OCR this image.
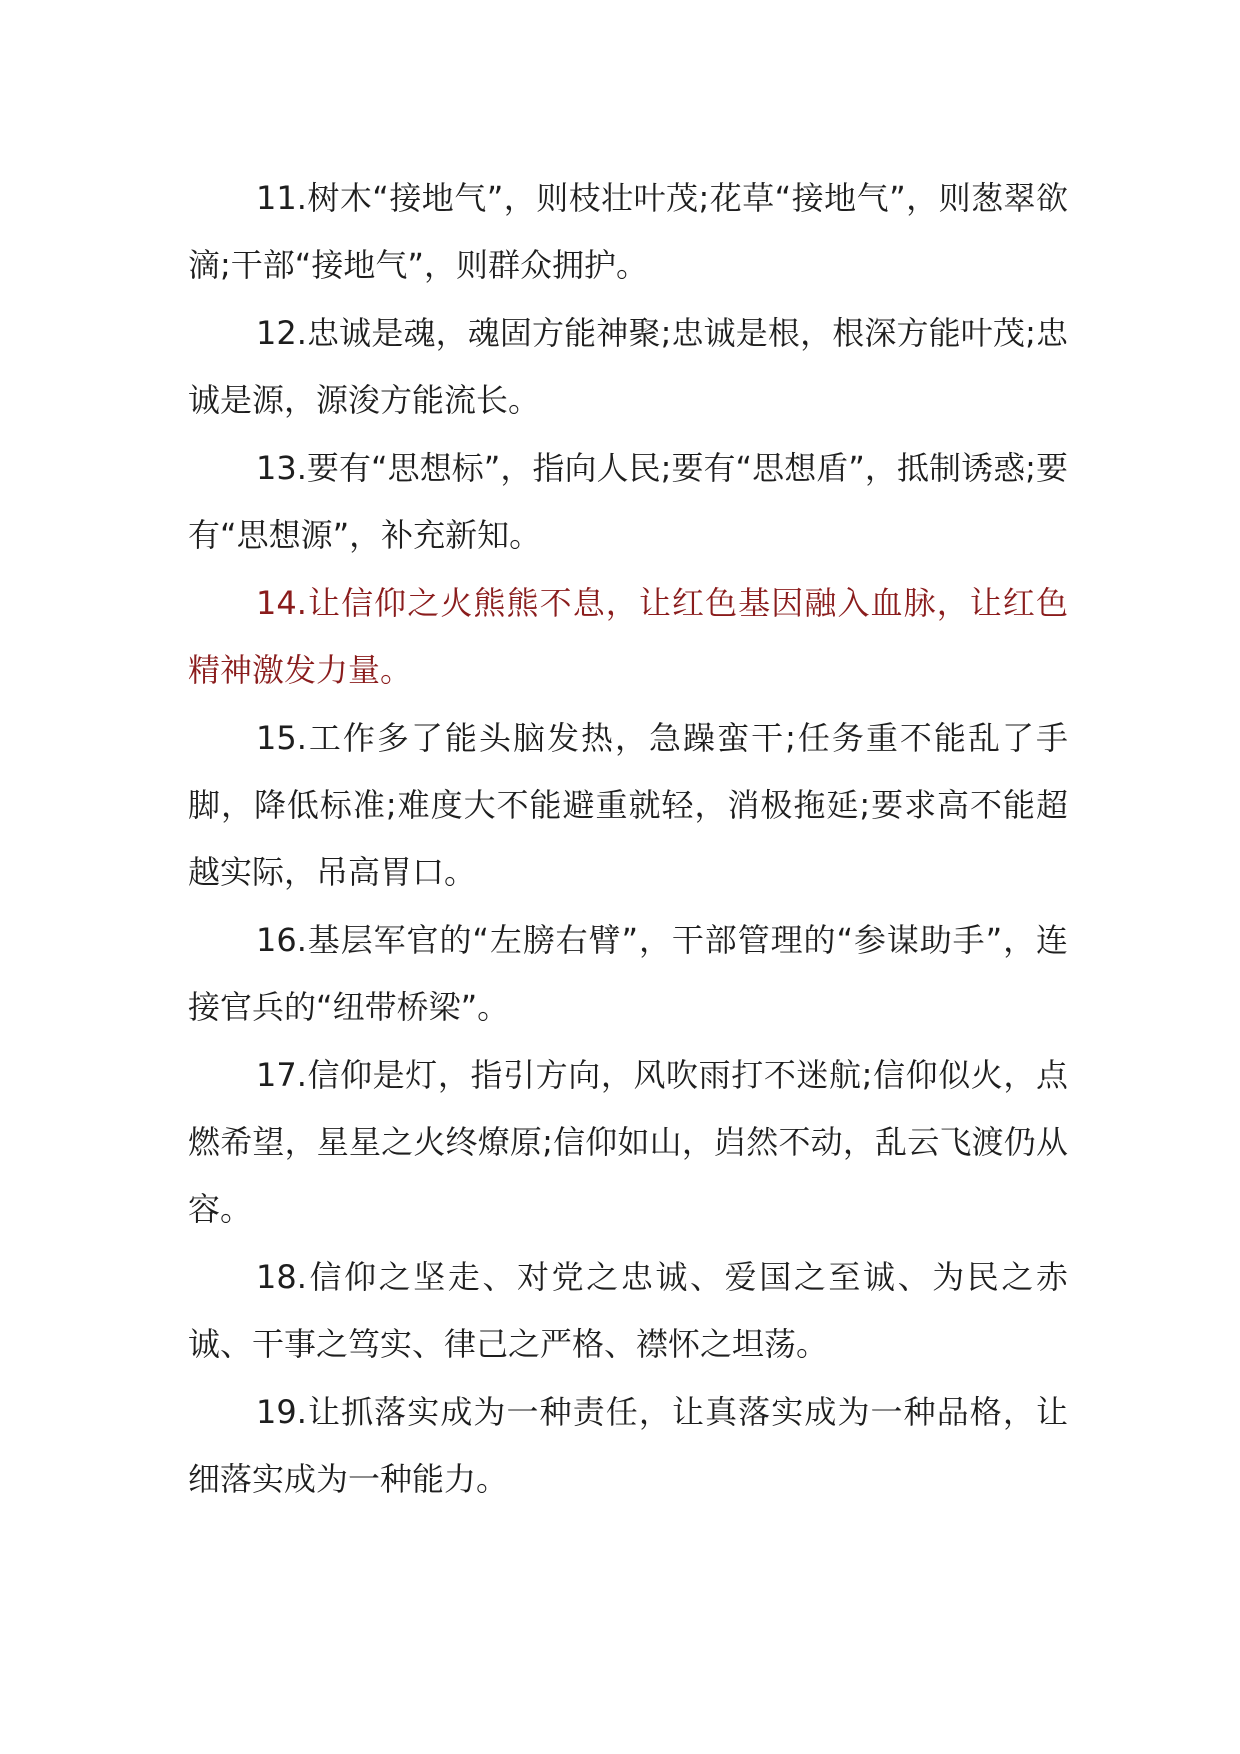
11.树木“接地气”，则枝壮叶茂;花草“接地气”，则葱翠欲滴;干部“接地气”，则群众拥护。

12.忠诚是魂，魂固方能神聚;忠诚是根，根深方能叶茂;忠诚是源，源浚方能流长。

13.要有“思想标”，指向人民;要有“思想盾”，抵制诱惑;要有“思想源”，补充新知。

14.让信仰之火熊熊不息，让红色基因融入血脉，让红色精神激发力量。

15.工作多了能头脑发热，急躁蛮干;任务重不能乱了手脚，降低标准;难度大不能避重就轻，消极拖延;要求高不能超越实际，吊高胃口。

16.基层军官的“左膀右臂”，干部管理的“参谋助手”，连接官兵的“纽带桥梁”。

17.信仰是灯，指引方向，风吹雨打不迷航;信仰似火，点燃希望，星星之火终燎原;信仰如山，岿然不动，乱云飞渡仍从容。

18.信仰之坚走、对党之忠诚、爱国之至诚、为民之赤诚、干事之笃实、律己之严格、襟怀之坦荡。

19.让抓落实成为一种责任，让真落实成为一种品格，让细落实成为一种能力。
